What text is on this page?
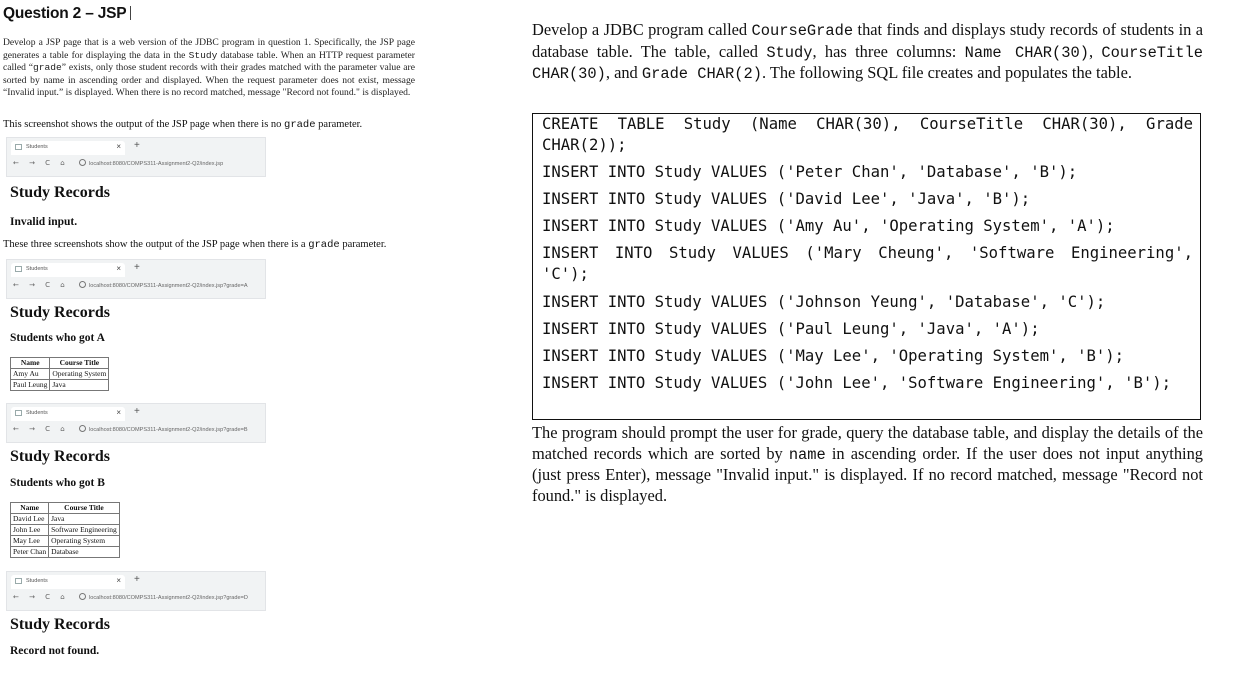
Question 2 – JSP
Develop a JSP page that is a web version of the JDBC program in question 1. Specifically, the JSP page generates a table for displaying the data in the Study database table. When an HTTP request parameter called “grade” exists, only those student records with their grades matched with the parameter value are sorted by name in ascending order and displayed. When the request parameter does not exist, message “Invalid input.” is displayed. When there is no record matched, message "Record not found." is displayed.
This screenshot shows the output of the JSP page when there is no grade parameter.
Students	× +
← → C ⌂	localhost:8080/COMPS311-Assignment2-Q2/index.jsp
Study Records
Invalid input.
These three screenshots show the output of the JSP page when there is a grade parameter.
Students	× +
← → C ⌂	localhost:8080/COMPS311-Assignment2-Q2/index.jsp?grade=A
Study Records
Students who got A
Name	Course Title
Amy Au	Operating System
Paul Leung	Java
Students	× +
← → C ⌂	localhost:8080/COMPS311-Assignment2-Q2/index.jsp?grade=B
Study Records
Students who got B
Name	Course Title
David Lee	Java
John Lee	Software Engineering
May Lee	Operating System
Peter Chan	Database
Students	× +
← → C ⌂	localhost:8080/COMPS311-Assignment2-Q2/index.jsp?grade=D
Study Records
Record not found.
Develop a JDBC program called CourseGrade that finds and displays study records of students in a database table. The table, called Study, has three columns: Name CHAR(30), CourseTitle CHAR(30), and Grade CHAR(2). The following SQL file creates and populates the table.
CREATE TABLE Study (Name CHAR(30), CourseTitle CHAR(30), Grade CHAR(2));
INSERT INTO Study VALUES ('Peter Chan', 'Database', 'B');
INSERT INTO Study VALUES ('David Lee', 'Java', 'B');
INSERT INTO Study VALUES ('Amy Au', 'Operating System', 'A');
INSERT INTO Study VALUES ('Mary Cheung', 'Software Engineering', 'C');
INSERT INTO Study VALUES ('Johnson Yeung', 'Database', 'C');
INSERT INTO Study VALUES ('Paul Leung', 'Java', 'A');
INSERT INTO Study VALUES ('May Lee', 'Operating System', 'B');
INSERT INTO Study VALUES ('John Lee', 'Software Engineering', 'B');
The program should prompt the user for grade, query the database table, and display the details of the matched records which are sorted by name in ascending order. If the user does not input anything (just press Enter), message "Invalid input." is displayed. If no record matched, message "Record not found." is displayed.
